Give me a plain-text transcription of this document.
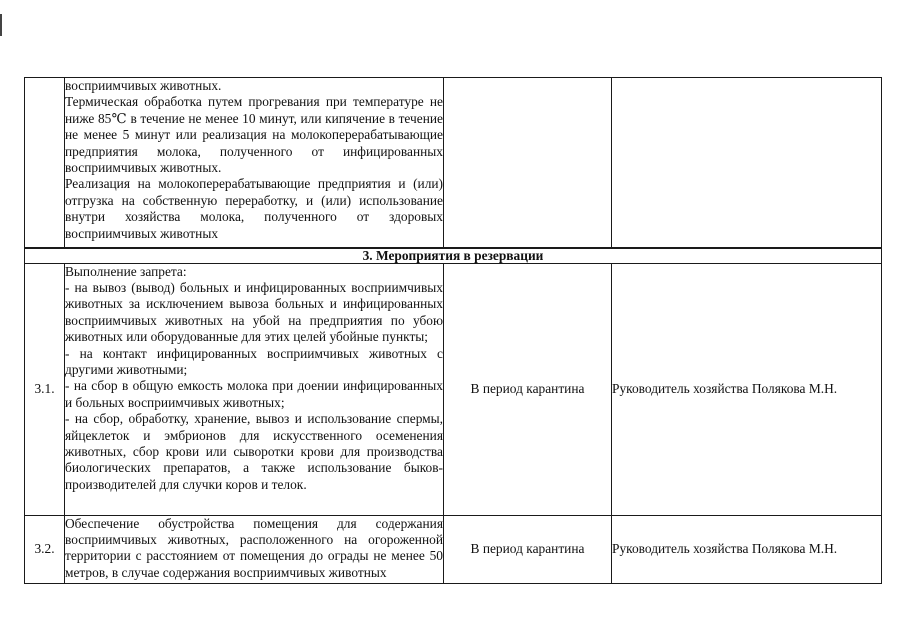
	восприимчивых животных.
Термическая обработка путем прогревания при температуре не ниже 85℃ в течение не менее 10 минут, или кипячение в течение не менее 5 минут или реализация на молокоперерабатывающие предприятия молока, полученного от инфицированных восприимчивых животных.
Реализация на молокоперерабатывающие предприятия и (или) отгрузка на собственную переработку, и (или) использование внутри хозяйства молока, полученного от здоровых восприимчивых животных		

3. Мероприятия в резервации			
3.1.	Выполнение запрета:
- на вывоз (вывод) больных и инфицированных восприимчивых животных за исключением вывоза больных и инфицированных восприимчивых животных на убой на предприятия по убою животных или оборудованные для этих целей убойные пункты;
- на контакт инфицированных восприимчивых животных с другими животными;
- на сбор в общую емкость молока при доении инфицированных и больных восприимчивых животных;
- на сбор, обработку, хранение, вывоз и использование спермы, яйцеклеток и эмбрионов для искусственного осеменения животных, сбор крови или сыворотки крови для производства биологических препаратов, а также использование быков-производителей для случки коров и телок.	В период карантина	Руководитель хозяйства Полякова М.Н.
3.2.	Обеспечение обустройства помещения для содержания восприимчивых животных, расположенного на огороженной территории с расстоянием от помещения до ограды не менее 50 метров, в случае содержания восприимчивых животных	В период карантина	Руководитель хозяйства Полякова М.Н.
